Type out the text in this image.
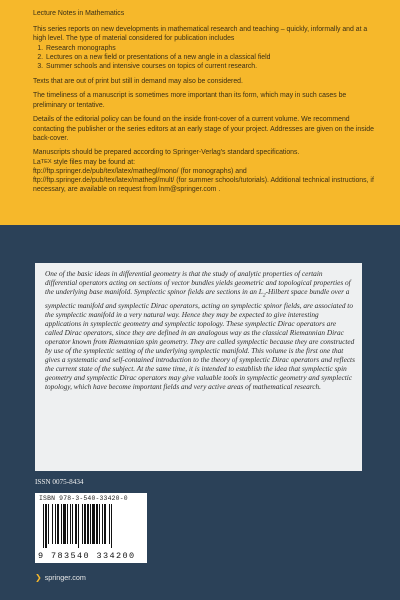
Lecture Notes in Mathematics

This series reports on new developments in mathematical research and teaching – quickly, informally and at a high level. The type of material considered for publication includes

1. Research monographs
2. Lectures on a new field or presentations of a new angle in a classical field
3. Summer schools and intensive courses on topics of current research.

Texts that are out of print but still in demand may also be considered.

The timeliness of a manuscript is sometimes more important than its form, which may in such cases be preliminary or tentative.

Details of the editorial policy can be found on the inside front-cover of a current volume. We recommend contacting the publisher or the series editors at an early stage of your project. Addresses are given on the inside back-cover.

Manuscripts should be prepared according to Springer-Verlag's standard specifications.
LaTEX style files may be found at:
ftp://ftp.springer.de/pub/tex/latex/mathegl/mono/ (for monographs) and
ftp://ftp.springer.de/pub/tex/latex/mathegl/mult/ (for summer schools/tutorials). Additional technical instructions, if necessary, are available on request from lnm@springer.com .

One of the basic ideas in differential geometry is that the study of analytic properties of certain differential operators acting on sections of vector bundles yields geometric and topological properties of the underlying base manifold. Symplectic spinor fields are sections in an $L_2$-Hilbert space bundle over a symplectic manifold and symplectic Dirac operators, acting on symplectic spinor fields, are associated to the symplectic manifold in a very natural way. Hence they may be expected to give interesting applications in symplectic geometry and symplectic topology. These symplectic Dirac operators are called Dirac operators, since they are defined in an analogous way as the classical Riemannian Dirac operator known from Riemannian spin geometry. They are called symplectic because they are constructed by use of the symplectic setting of the underlying symplectic manifold. This volume is the first one that gives a systematic and self-contained introduction to the theory of symplectic Dirac operators and reflects the current state of the subject. At the same time, it is intended to establish the idea that symplectic spin geometry and symplectic Dirac operators may give valuable tools in symplectic geometry and symplectic topology, which have become important fields and very active areas of mathematical research.
ISSN 0075-8434
ISBN 978-3-540-33420-0
9 783540 334200
❯ springer.com
